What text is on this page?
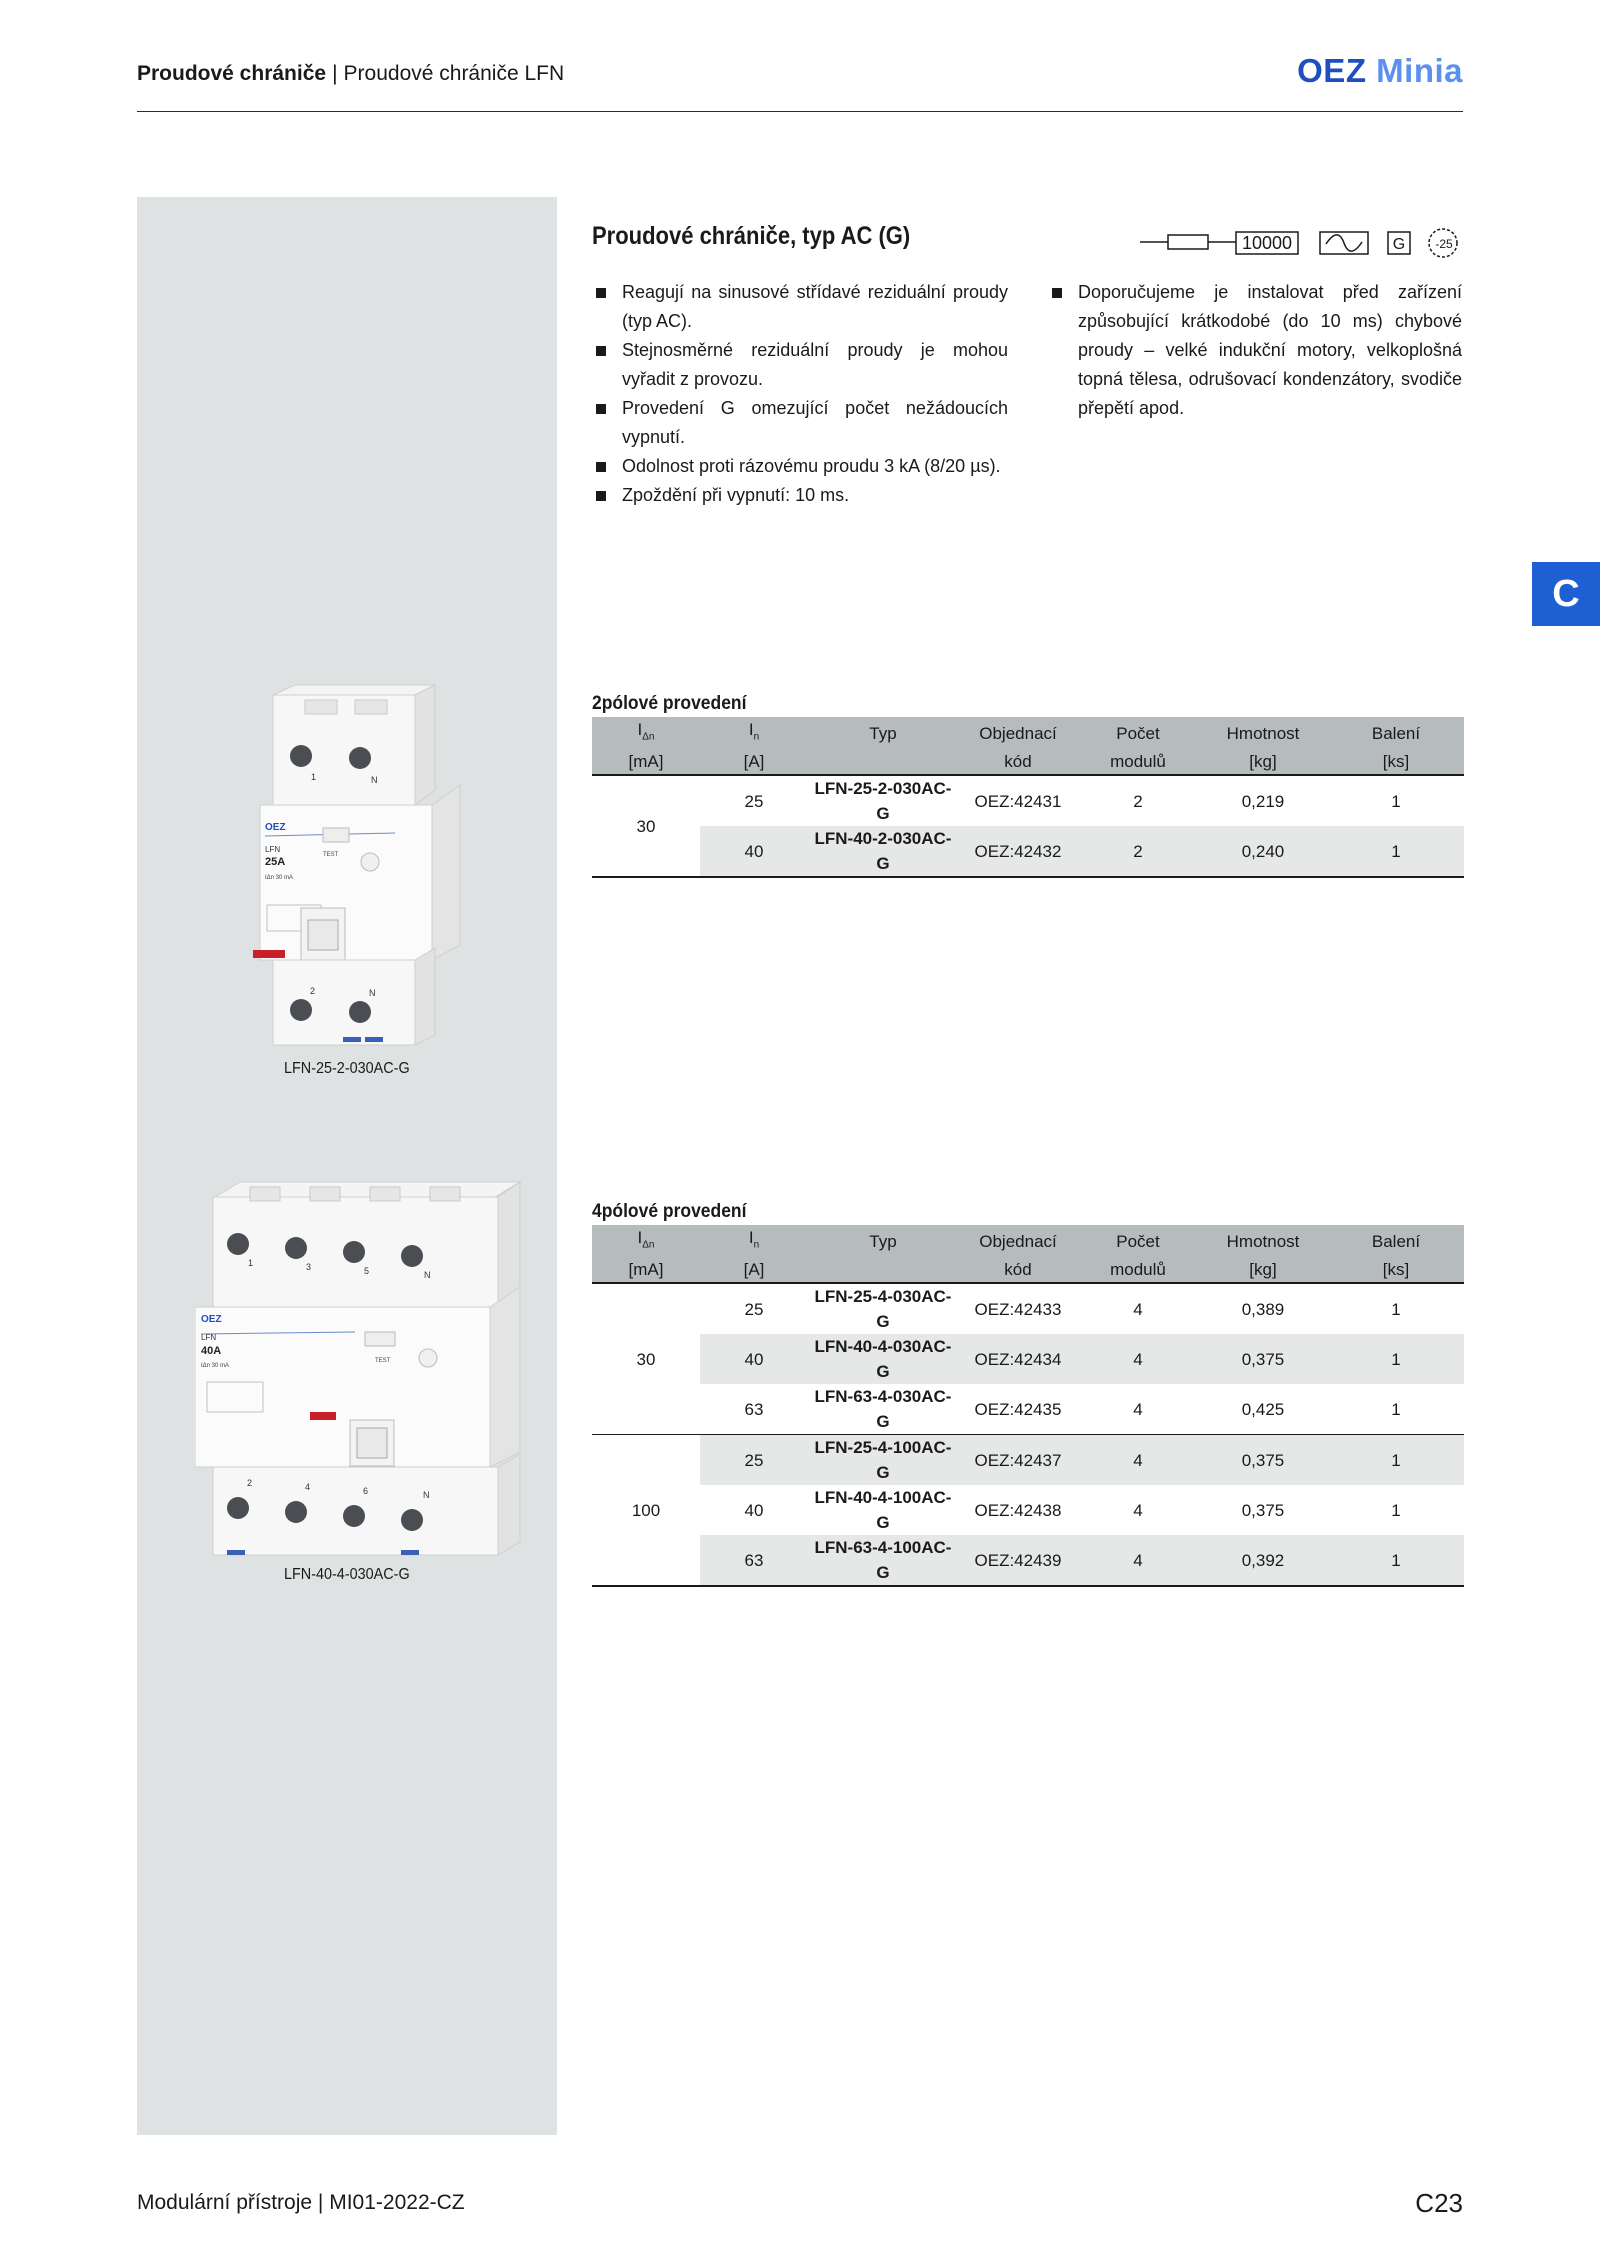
Proudové chrániče | Proudové chrániče LFN	OEZ Minia
1	N
OEZ
LFN
25A
IΔn 30 mA
TEST
2	N
LFN-25-2-030AC-G
1	3	5	N
OEZ
LFN
40A
IΔn 30 mA
TEST
2	4	6	N
LFN-40-4-030AC-G
C
Proudové chrániče, typ AC (G)	10000	G	-25
Reagují na sinusové střídavé reziduální proudy (typ AC).
Stejnosměrné reziduální proudy je mohou vyřadit z provozu.
Provedení G omezující počet nežádoucích vypnutí.
Odolnost proti rázovému proudu 3 kA (8/20 µs).
Zpoždění při vypnutí: 10 ms.
Doporučujeme je instalovat před zařízení způsobující krátkodobé (do 10 ms) chybové proudy – velké indukční motory, velkoplošná topná tělesa, odrušovací kondenzátory, svodiče přepětí apod.
2pólové provedení
$I_{\Delta n}$	$I_n$	Typ	Objednací	Počet	Hmotnost	Balení
[mA]	[A]		kód	modulů	[kg]	[ks]
30	25	LFN-25-2-030AC-G	OEZ:42431	2	0,219	1
	40	LFN-40-2-030AC-G	OEZ:42432	2	0,240	1
4pólové provedení
$I_{\Delta n}$	$I_n$	Typ	Objednací	Počet	Hmotnost	Balení
[mA]	[A]		kód	modulů	[kg]	[ks]
30	25	LFN-25-4-030AC-G	OEZ:42433	4	0,389	1
	40	LFN-40-4-030AC-G	OEZ:42434	4	0,375	1
	63	LFN-63-4-030AC-G	OEZ:42435	4	0,425	1
100	25	LFN-25-4-100AC-G	OEZ:42437	4	0,375	1
	40	LFN-40-4-100AC-G	OEZ:42438	4	0,375	1
	63	LFN-63-4-100AC-G	OEZ:42439	4	0,392	1
Modulární přístroje | MI01-2022-CZ	C23
